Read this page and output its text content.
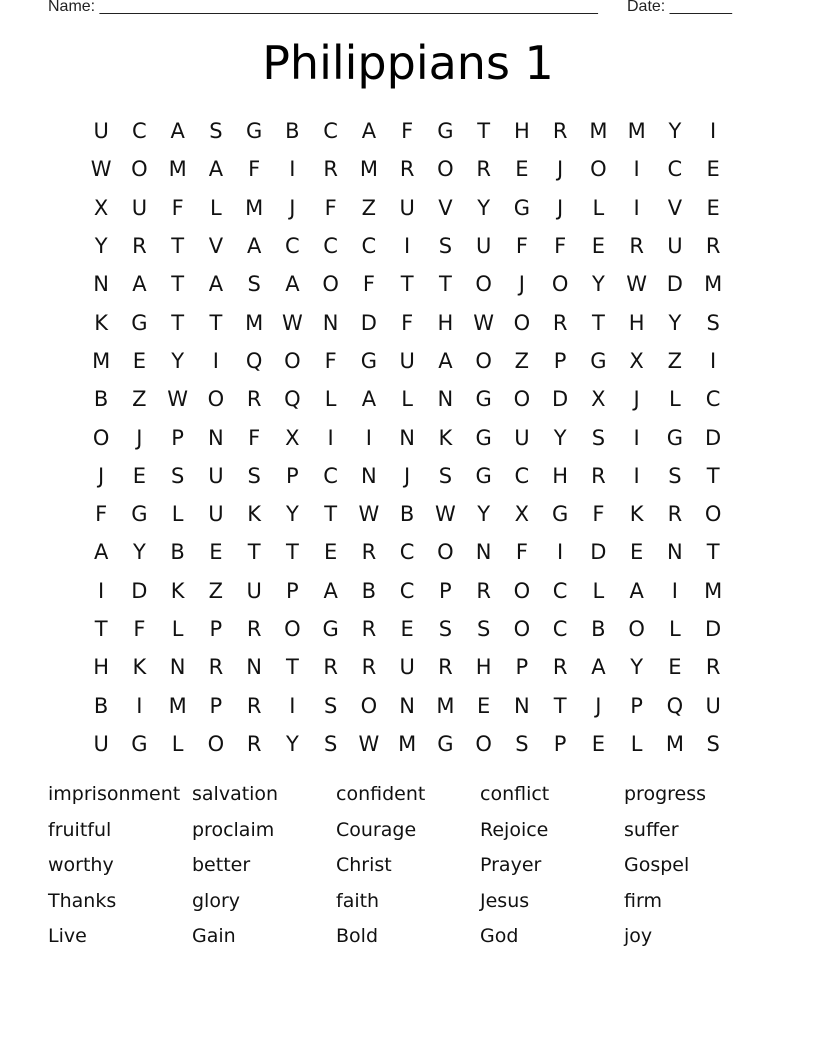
Name: ________________________________________________________ Date: _______
Philippians 1
U	C	A	S	G	B	C	A	F	G	T	H	R	M M	Y	I
W O M	A	F	I	R	M	R	O	R	E	J	O	I	C	E
X	U	F	L	M	J	F	Z	U	V	Y	G	J	L	I	V	E
Y	R	T	V	A	C	C	C	I	S	U	F	F	E	R	U	R
N	A	T	A	S	A	O	F	T	T	O	J	O	Y	W D	M
K	G	T	T	M W N	D	F	H W O	R	T	H	Y	S
M	E	Y	I	Q	O	F	G	U	A	O	Z	P	G	X	Z	I
B	Z W O	R	Q	L	A	L	N	G	O	D	X	J	L	C
O	J	P	N	F	X	I	I	N	K	G	U	Y	S	I	G	D
J	E	S	U	S	P	C	N	J	S	G	C	H	R	I	S	T
F	G	L	U	K	Y	T	W B W	Y	X	G	F	K	R	O
A	Y	B	E	T	T	E	R	C	O	N	F	I	D	E	N	T
I	D	K	Z	U	P	A	B	C	P	R	O	C	L	A	I	M
T	F	L	P	R	O	G	R	E	S	S	O	C	B	O	L	D
H	K	N	R	N	T	R	R	U	R	H	P	R	A	Y	E	R
B	I	M	P	R	I	S	O	N	M	E	N	T	J	P	Q	U
U	G	L	O	R	Y	S	W M	G	O	S	P	E	L	M	S
imprisonment salvation	confident	conflict	progress
fruitful	proclaim	Courage	Rejoice	suffer
worthy	better	Christ	Prayer	Gospel
Thanks	glory	faith	Jesus	firm
Live	Gain	Bold	God	joy
